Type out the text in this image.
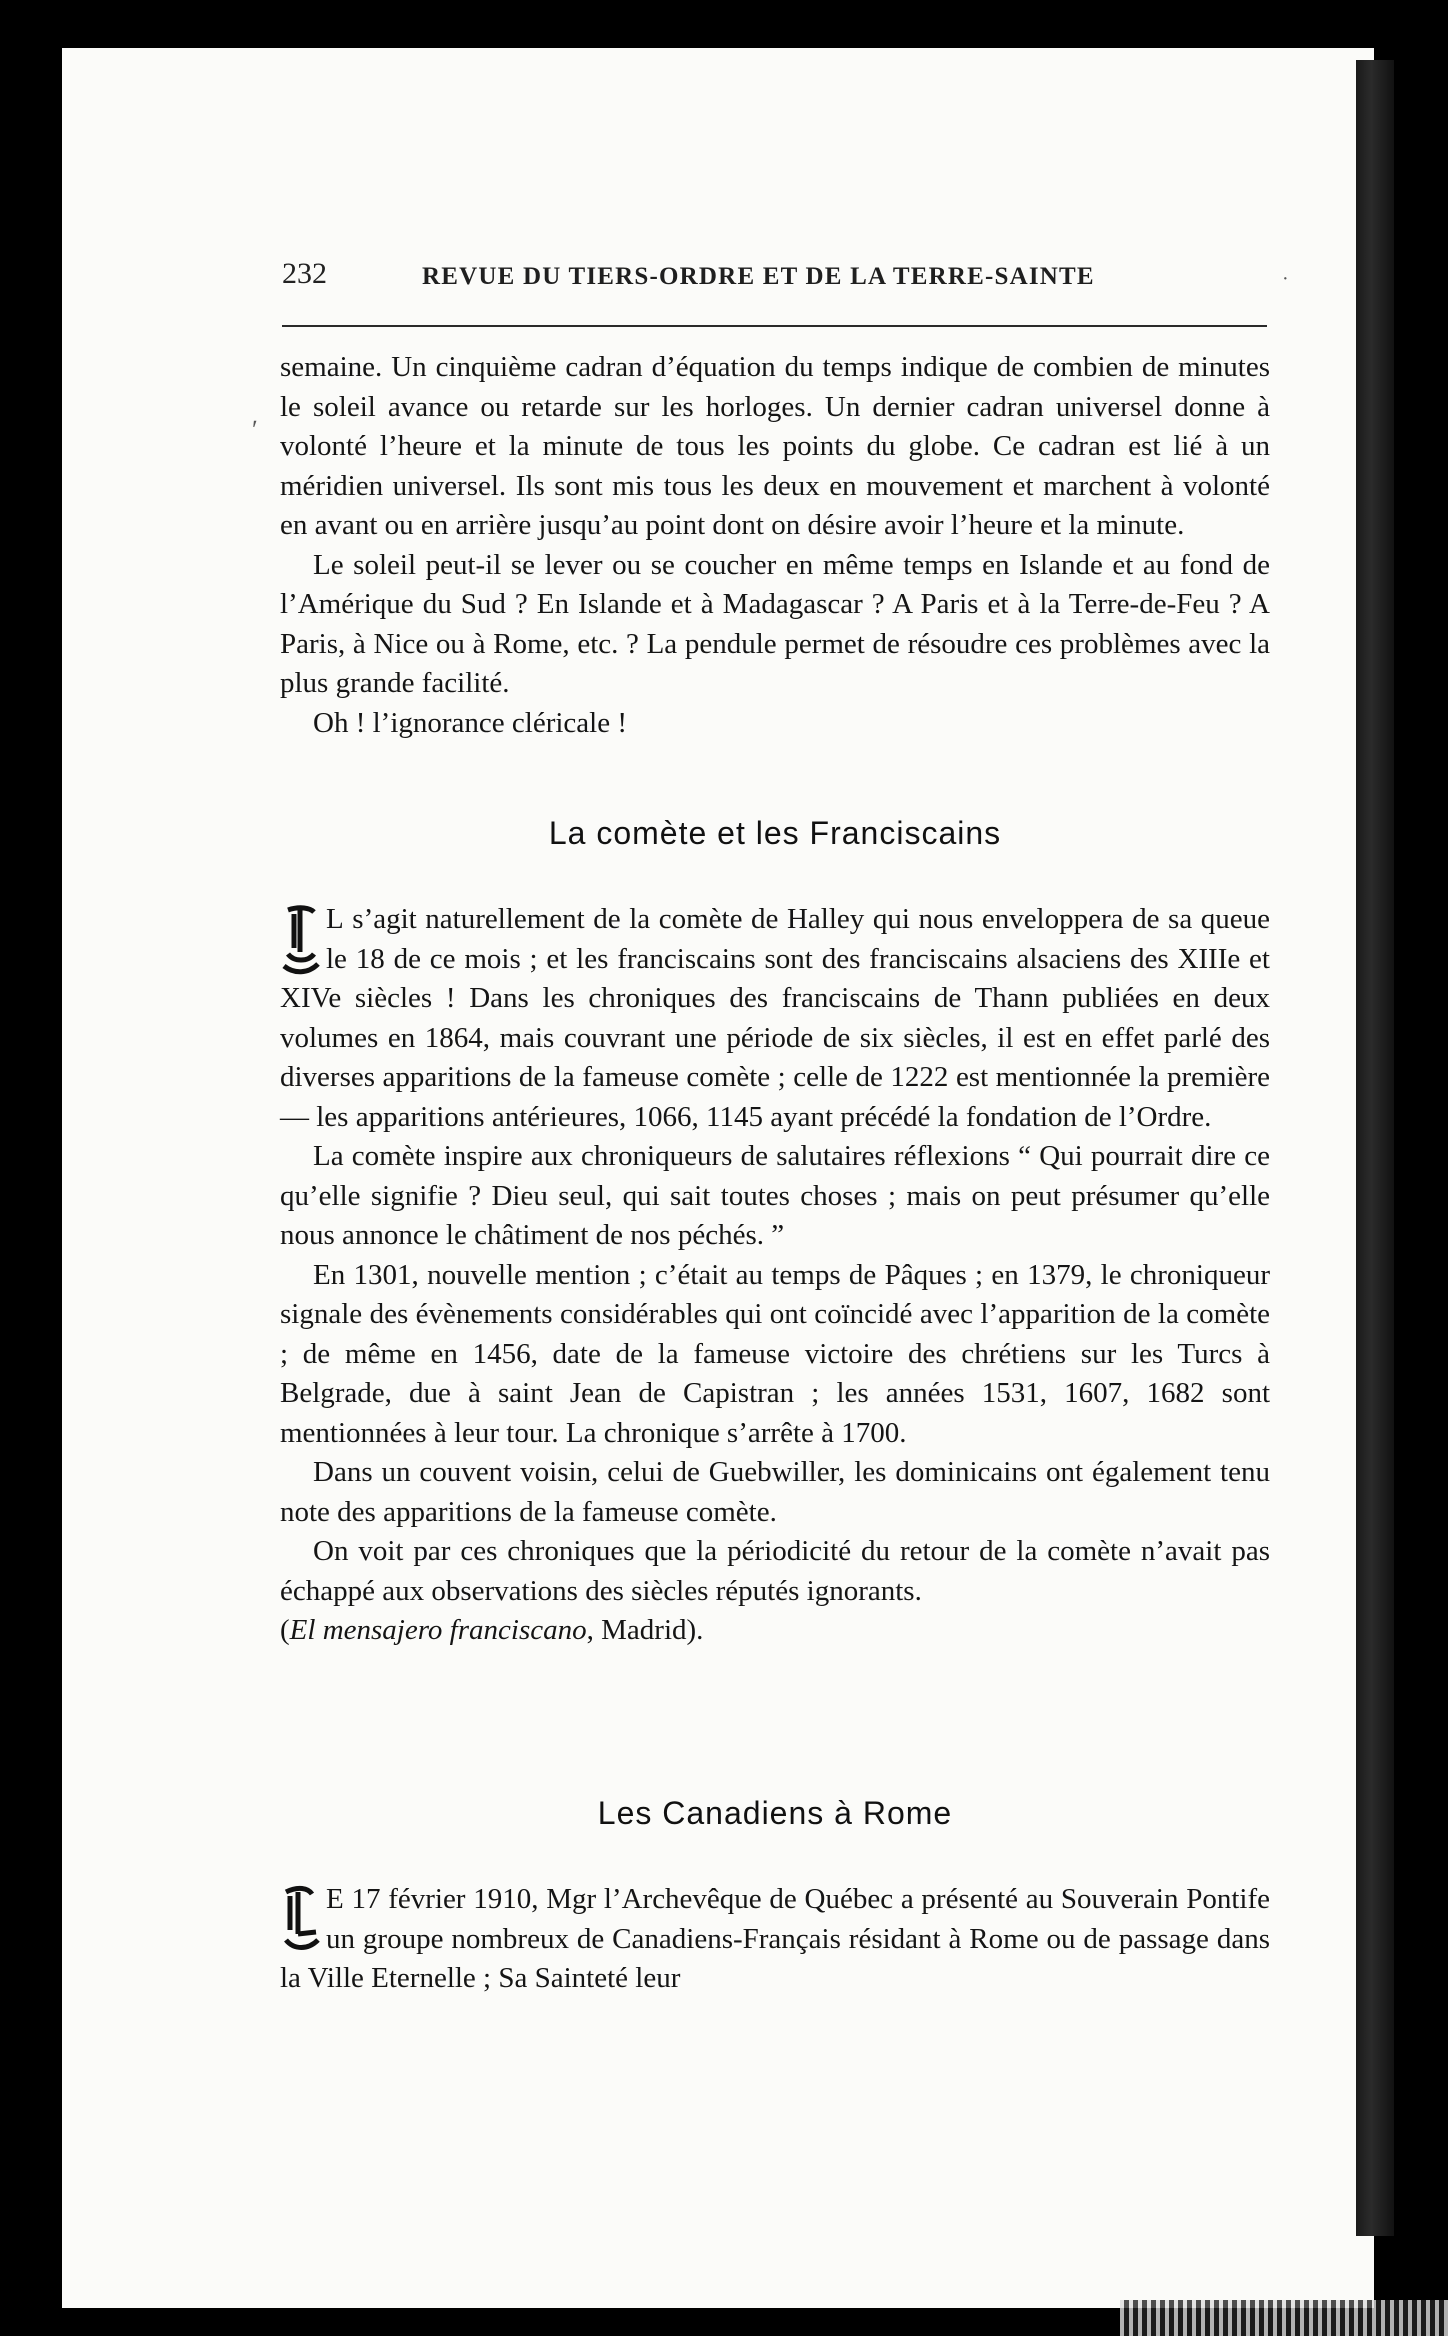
·
ʹ
232	REVUE DU TIERS-ORDRE ET DE LA TERRE-SAINTE

semaine. Un cinquième cadran d’équation du temps indique de combien de minutes le soleil avance ou retarde sur les horloges. Un dernier cadran universel donne à volonté l’heure et la minute de tous les points du globe. Ce cadran est lié à un méridien universel. Ils sont mis tous les deux en mouvement et marchent à volonté en avant ou en arrière jusqu’au point dont on désire avoir l’heure et la minute.

Le soleil peut-il se lever ou se coucher en même temps en Islande et au fond de l’Amérique du Sud ? En Islande et à Madagascar ? A Paris et à la Terre-de-Feu ? A Paris, à Nice ou à Rome, etc. ? La pendule permet de résoudre ces problèmes avec la plus grande facilité.

Oh ! l’ignorance cléricale !

La comète et les Franciscains

L s’agit naturellement de la comète de Halley qui nous enveloppera de sa queue le 18 de ce mois ; et les franciscains sont des franciscains alsaciens des XIIIe et XIVe siècles ! Dans les chroniques des franciscains de Thann publiées en deux volumes en 1864, mais couvrant une période de six siècles, il est en effet parlé des diverses apparitions de la fameuse comète ; celle de 1222 est mentionnée la première — les apparitions antérieures, 1066, 1145 ayant précédé la fondation de l’Ordre.

La comète inspire aux chroniqueurs de salutaires réflexions “ Qui pourrait dire ce qu’elle signifie ? Dieu seul, qui sait toutes choses ; mais on peut présumer qu’elle nous annonce le châtiment de nos péchés. ”

En 1301, nouvelle mention ; c’était au temps de Pâques ; en 1379, le chroniqueur signale des évènements considérables qui ont coïncidé avec l’apparition de la comète ; de même en 1456, date de la fameuse victoire des chrétiens sur les Turcs à Belgrade, due à saint Jean de Capistran ; les années 1531, 1607, 1682 sont mentionnées à leur tour. La chronique s’arrête à 1700.

Dans un couvent voisin, celui de Guebwiller, les dominicains ont également tenu note des apparitions de la fameuse comète.

On voit par ces chroniques que la périodicité du retour de la comète n’avait pas échappé aux observations des siècles réputés ignorants.

(El mensajero franciscano, Madrid).

Les Canadiens à Rome

E 17 février 1910, Mgr l’Archevêque de Québec a présenté au Souverain Pontife un groupe nombreux de Canadiens-Français résidant à Rome ou de passage dans la Ville Eternelle ; Sa Sainteté leur
